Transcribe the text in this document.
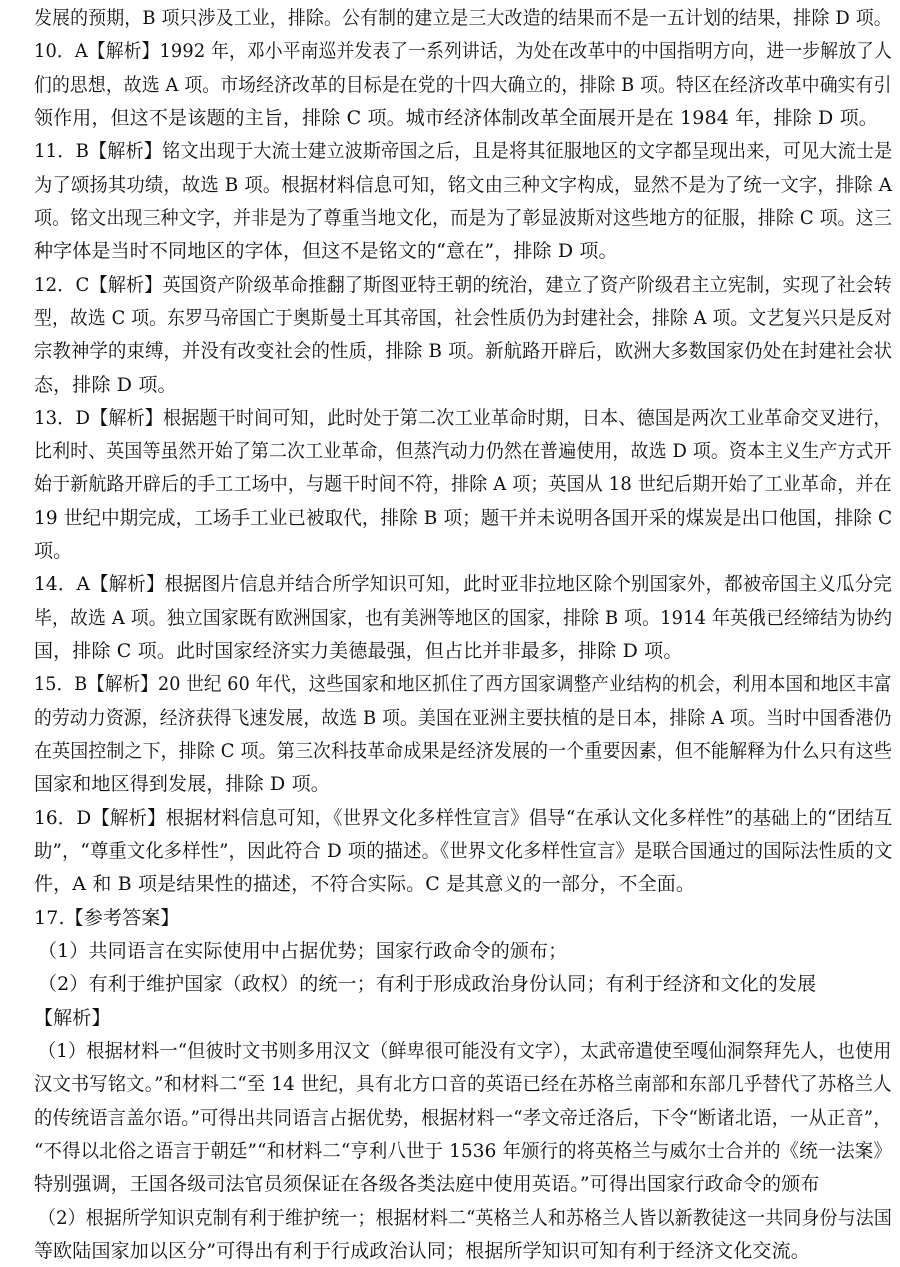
发展的预期，B 项只涉及工业，排除。公有制的建立是三大改造的结果而不是一五计划的结果，排除 D 项。
10．A【解析】1992 年，邓小平南巡并发表了一系列讲话，为处在改革中的中国指明方向，进一步解放了人
们的思想，故选 A 项。市场经济改革的目标是在党的十四大确立的，排除 B 项。特区在经济改革中确实有引
领作用，但这不是该题的主旨，排除 C 项。城市经济体制改革全面展开是在 1984 年，排除 D 项。
11．B【解析】铭文出现于大流士建立波斯帝国之后，且是将其征服地区的文字都呈现出来，可见大流士是
为了颂扬其功绩，故选 B 项。根据材料信息可知，铭文由三种文字构成，显然不是为了统一文字，排除 A
项。铭文出现三种文字，并非是为了尊重当地文化，而是为了彰显波斯对这些地方的征服，排除 C 项。这三
种字体是当时不同地区的字体，但这不是铭文的“意在”，排除 D 项。
12．C【解析】英国资产阶级革命推翻了斯图亚特王朝的统治，建立了资产阶级君主立宪制，实现了社会转
型，故选 C 项。东罗马帝国亡于奥斯曼土耳其帝国，社会性质仍为封建社会，排除 A 项。文艺复兴只是反对
宗教神学的束缚，并没有改变社会的性质，排除 B 项。新航路开辟后，欧洲大多数国家仍处在封建社会状
态，排除 D 项。
13．D【解析】根据题干时间可知，此时处于第二次工业革命时期，日本、德国是两次工业革命交叉进行，
比利时、英国等虽然开始了第二次工业革命，但蒸汽动力仍然在普遍使用，故选 D 项。资本主义生产方式开
始于新航路开辟后的手工工场中，与题干时间不符，排除 A 项；英国从 18 世纪后期开始了工业革命，并在
19 世纪中期完成，工场手工业已被取代，排除 B 项；题干并未说明各国开采的煤炭是出口他国，排除 C
项。
14．A【解析】根据图片信息并结合所学知识可知，此时亚非拉地区除个别国家外，都被帝国主义瓜分完
毕，故选 A 项。独立国家既有欧洲国家，也有美洲等地区的国家，排除 B 项。1914 年英俄已经缔结为协约
国，排除 C 项。此时国家经济实力美德最强，但占比并非最多，排除 D 项。
15．B【解析】20 世纪 60 年代，这些国家和地区抓住了西方国家调整产业结构的机会，利用本国和地区丰富
的劳动力资源，经济获得飞速发展，故选 B 项。美国在亚洲主要扶植的是日本，排除 A 项。当时中国香港仍
在英国控制之下，排除 C 项。第三次科技革命成果是经济发展的一个重要因素，但不能解释为什么只有这些
国家和地区得到发展，排除 D 项。
16．D【解析】根据材料信息可知，《世界文化多样性宣言》倡导“在承认文化多样性”的基础上的“团结互
助”，“尊重文化多样性”，因此符合 D 项的描述。《世界文化多样性宣言》是联合国通过的国际法性质的文
件，A 和 B 项是结果性的描述，不符合实际。C 是其意义的一部分，不全面。
17.【参考答案】
（1）共同语言在实际使用中占据优势；国家行政命令的颁布；
（2）有利于维护国家（政权）的统一；有利于形成政治身份认同；有利于经济和文化的发展
【解析】
（1）根据材料一“但彼时文书则多用汉文（鲜卑很可能没有文字），太武帝遣使至嘎仙洞祭拜先人，也使用
汉文书写铭文。”和材料二“至 14 世纪，具有北方口音的英语已经在苏格兰南部和东部几乎替代了苏格兰人
的传统语言盖尔语。”可得出共同语言占据优势，根据材料一“孝文帝迁洛后，下令“断诸北语，一从正音”，
“不得以北俗之语言于朝廷”“和材料二“亨利八世于 1536 年颁行的将英格兰与威尔士合并的《统一法案》
特别强调，王国各级司法官员须保证在各级各类法庭中使用英语。”可得出国家行政命令的颁布
（2）根据所学知识克制有利于维护统一；根据材料二“英格兰人和苏格兰人皆以新教徒这一共同身份与法国
等欧陆国家加以区分”可得出有利于行成政治认同；根据所学知识可知有利于经济文化交流。
